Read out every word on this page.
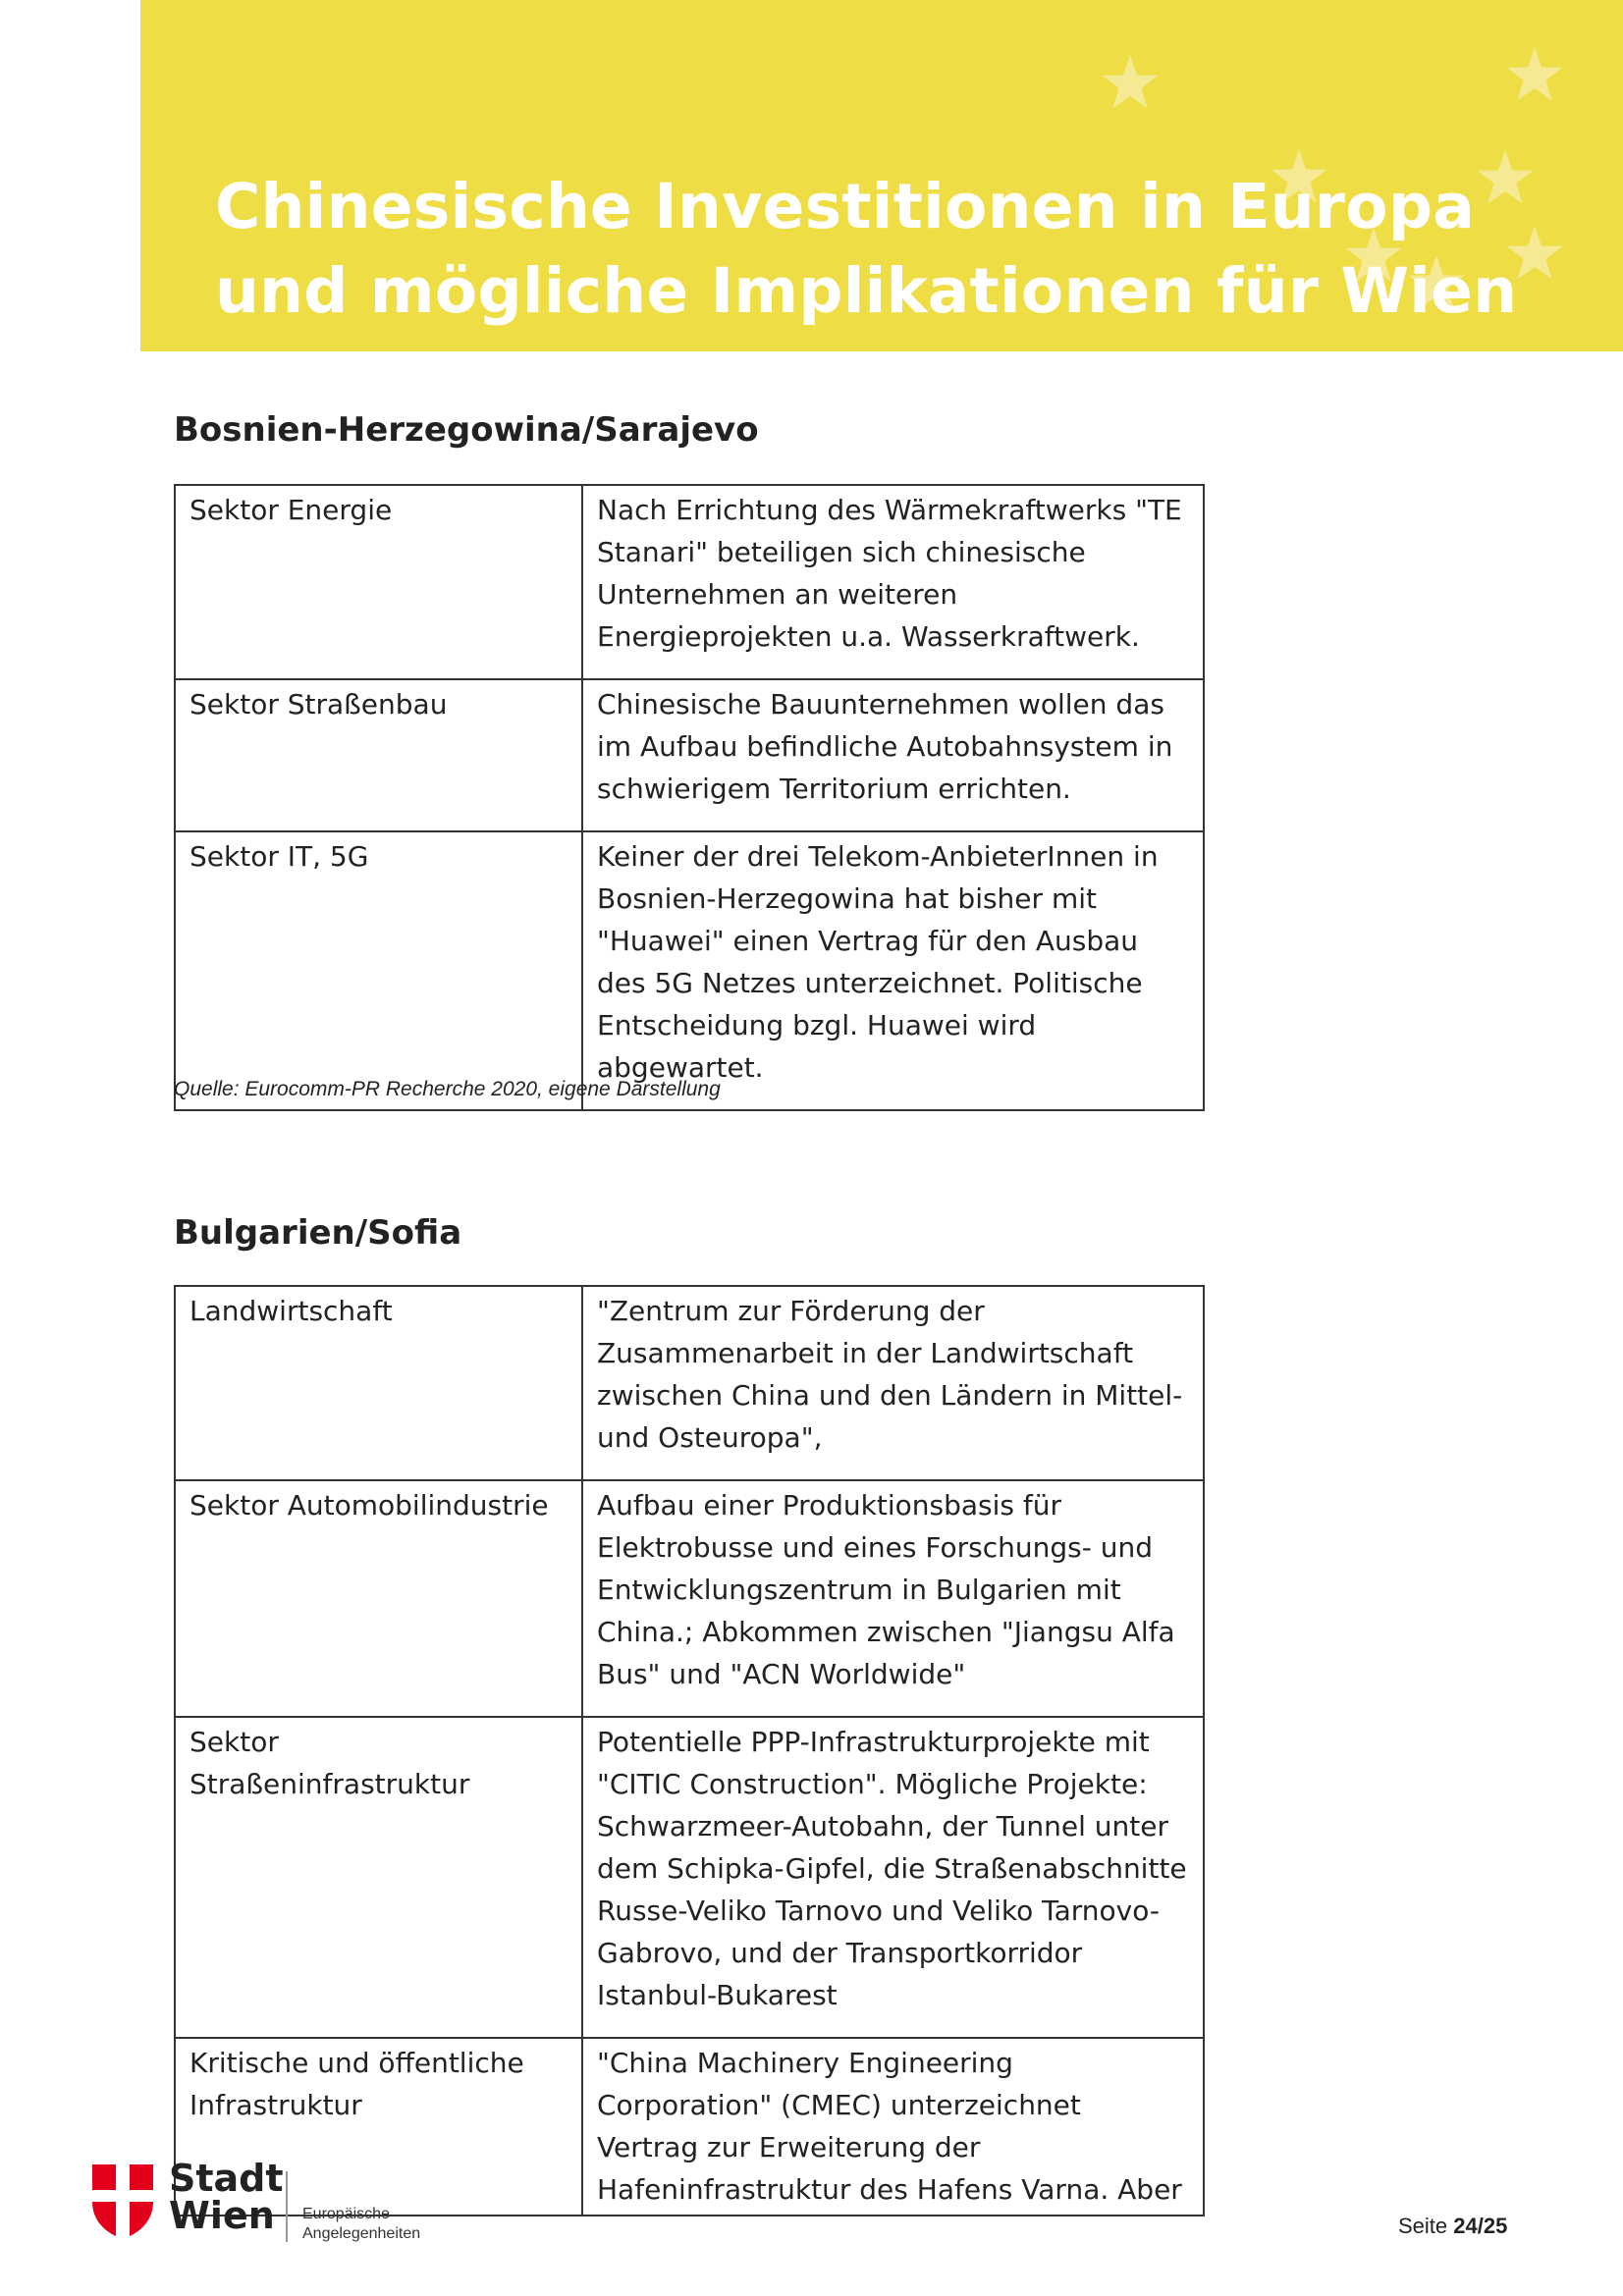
Chinesische Investitionen in Europa
und mögliche Implikationen für Wien
Bosnien-Herzegowina/Sarajevo
Sektor Energie	Nach Errichtung des Wärmekraftwerks "TE Stanari" beteiligen sich chinesische Unternehmen an weiteren Energieprojekten u.a. Wasserkraftwerk.
Sektor Straßenbau	Chinesische Bauunternehmen wollen das im Aufbau befindliche Autobahnsystem in schwierigem Territorium errichten.
Sektor IT, 5G	Keiner der drei Telekom-AnbieterInnen in Bosnien-Herzegowina hat bisher mit "Huawei" einen Vertrag für den Ausbau des 5G Netzes unterzeichnet. Politische Entscheidung bzgl. Huawei wird abgewartet.

Quelle: Eurocomm-PR Recherche 2020, eigene Darstellung

Bulgarien/Sofia
Landwirtschaft	"Zentrum zur Förderung der Zusammenarbeit in der Landwirtschaft zwischen China und den Ländern in Mittel- und Osteuropa",
Sektor Automobilindustrie	Aufbau einer Produktionsbasis für Elektrobusse und eines Forschungs- und Entwicklungszentrum in Bulgarien mit China.; Abkommen zwischen "Jiangsu Alfa Bus" und "ACN Worldwide"
Sektor Straßeninfrastruktur	Potentielle PPP-Infrastrukturprojekte mit "CITIC Construction". Mögliche Projekte: Schwarzmeer-Autobahn, der Tunnel unter dem Schipka-Gipfel, die Straßenabschnitte Russe-Veliko Tarnovo und Veliko Tarnovo-Gabrovo, und der Transportkorridor Istanbul-Bukarest
Kritische und öffentliche Infrastruktur	"China Machinery Engineering Corporation" (CMEC) unterzeichnet Vertrag zur Erweiterung der Hafeninfrastruktur des Hafens Varna. Aber
Stadt
Wien	Europäische
Angelegenheiten	Seite 24/25
